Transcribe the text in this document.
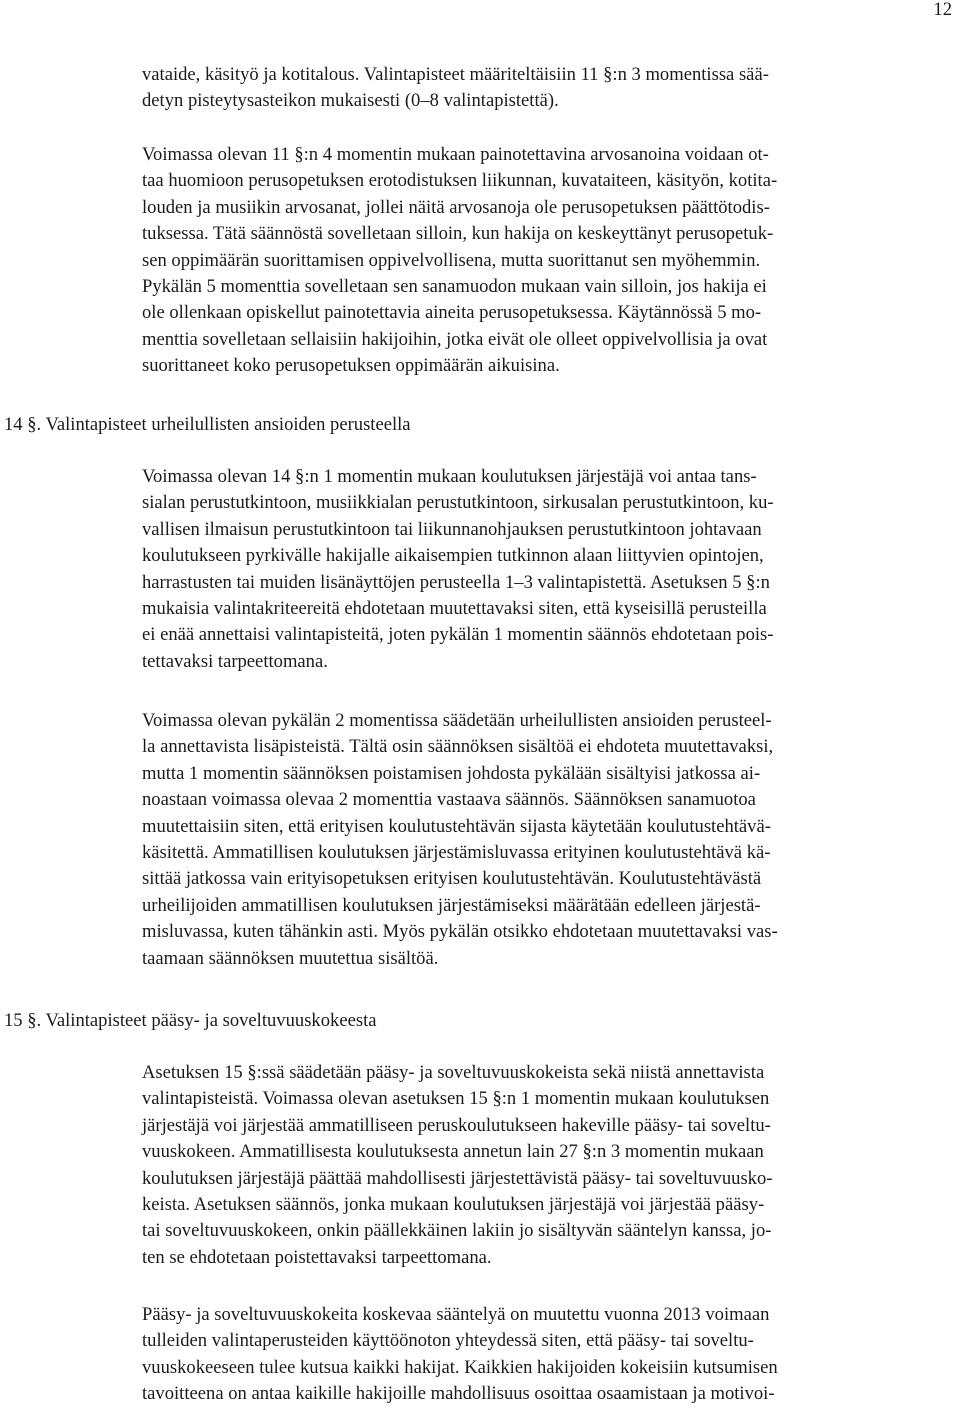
12
vataide, käsityö ja kotitalous. Valintapisteet määriteltäisiin 11 §:n 3 momentissa sää-
detyn pisteytysasteikon mukaisesti (0–8 valintapistettä).
Voimassa olevan 11 §:n 4 momentin mukaan painotettavina arvosanoina voidaan ot-
taa huomioon perusopetuksen erotodistuksen liikunnan, kuvataiteen, käsityön, kotita-
louden ja musiikin arvosanat, jollei näitä arvosanoja ole perusopetuksen päättötodis-
tuksessa. Tätä säännöstä sovelletaan silloin, kun hakija on keskeyttänyt perusopetuk-
sen oppimäärän suorittamisen oppivelvollisena, mutta suorittanut sen myöhemmin.
Pykälän 5 momenttia sovelletaan sen sanamuodon mukaan vain silloin, jos hakija ei
ole ollenkaan opiskellut painotettavia aineita perusopetuksessa. Käytännössä 5 mo-
menttia sovelletaan sellaisiin hakijoihin, jotka eivät ole olleet oppivelvollisia ja ovat
suorittaneet koko perusopetuksen oppimäärän aikuisina.
14 §. Valintapisteet urheilullisten ansioiden perusteella
Voimassa olevan 14 §:n 1 momentin mukaan koulutuksen järjestäjä voi antaa tans-
sialan perustutkintoon, musiikkialan perustutkintoon, sirkusalan perustutkintoon, ku-
vallisen ilmaisun perustutkintoon tai liikunnanohjauksen perustutkintoon johtavaan
koulutukseen pyrkivälle hakijalle aikaisempien tutkinnon alaan liittyvien opintojen,
harrastusten tai muiden lisänäyttöjen perusteella 1–3 valintapistettä. Asetuksen 5 §:n
mukaisia valintakriteereitä ehdotetaan muutettavaksi siten, että kyseisillä perusteilla
ei enää annettaisi valintapisteitä, joten pykälän 1 momentin säännös ehdotetaan pois-
tettavaksi tarpeettomana.
Voimassa olevan pykälän 2 momentissa säädetään urheilullisten ansioiden perusteel-
la annettavista lisäpisteistä. Tältä osin säännöksen sisältöä ei ehdoteta muutettavaksi,
mutta 1 momentin säännöksen poistamisen johdosta pykälään sisältyisi jatkossa ai-
noastaan voimassa olevaa 2 momenttia vastaava säännös. Säännöksen sanamuotoa
muutettaisiin siten, että erityisen koulutustehtävän sijasta käytetään koulutustehtävä-
käsitettä. Ammatillisen koulutuksen järjestämisluvassa erityinen koulutustehtävä kä-
sittää jatkossa vain erityisopetuksen erityisen koulutustehtävän. Koulutustehtävästä
urheilijoiden ammatillisen koulutuksen järjestämiseksi määrätään edelleen järjestä-
misluvassa, kuten tähänkin asti. Myös pykälän otsikko ehdotetaan muutettavaksi vas-
taamaan säännöksen muutettua sisältöä.
15 §. Valintapisteet pääsy- ja soveltuvuuskokeesta
Asetuksen 15 §:ssä säädetään pääsy- ja soveltuvuuskokeista sekä niistä annettavista
valintapisteistä. Voimassa olevan asetuksen 15 §:n 1 momentin mukaan koulutuksen
järjestäjä voi järjestää ammatilliseen peruskoulutukseen hakeville pääsy- tai soveltu-
vuuskokeen. Ammatillisesta koulutuksesta annetun lain 27 §:n 3 momentin mukaan
koulutuksen järjestäjä päättää mahdollisesti järjestettävistä pääsy- tai soveltuvuusko-
keista. Asetuksen säännös, jonka mukaan koulutuksen järjestäjä voi järjestää pääsy-
tai soveltuvuuskokeen, onkin päällekkäinen lakiin jo sisältyvän sääntelyn kanssa, jo-
ten se ehdotetaan poistettavaksi tarpeettomana.
Pääsy- ja soveltuvuuskokeita koskevaa sääntelyä on muutettu vuonna 2013 voimaan
tulleiden valintaperusteiden käyttöönoton yhteydessä siten, että pääsy- tai soveltu-
vuuskokeeseen tulee kutsua kaikki hakijat. Kaikkien hakijoiden kokeisiin kutsumisen
tavoitteena on antaa kaikille hakijoille mahdollisuus osoittaa osaamistaan ja motivoi-
